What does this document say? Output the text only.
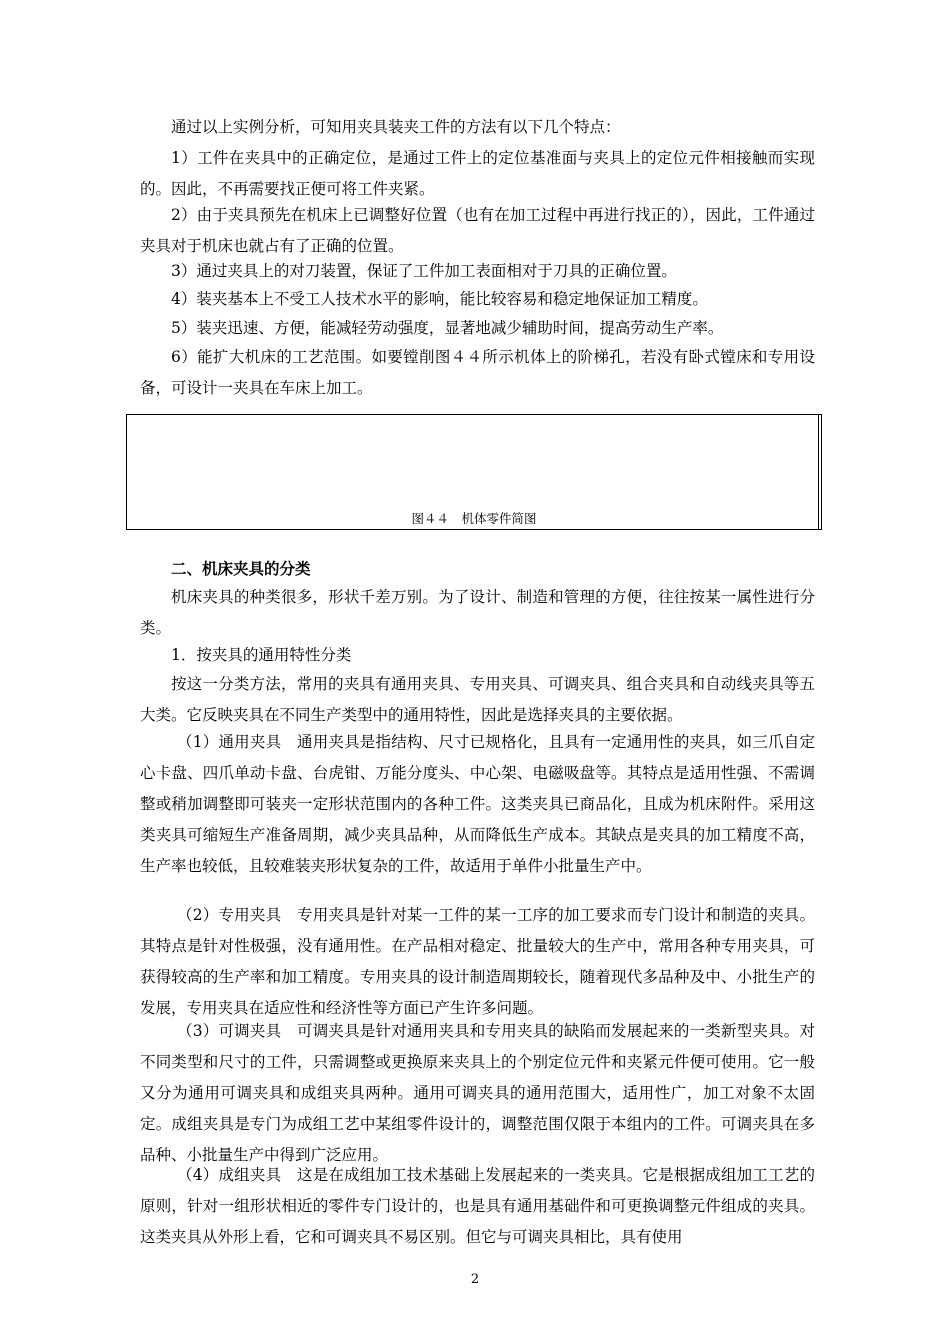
通过以上实例分析，可知用夹具装夹工件的方法有以下几个特点：

1）工件在夹具中的正确定位，是通过工件上的定位基准面与夹具上的定位元件相接触而实现的。因此，不再需要找正便可将工件夹紧。

2）由于夹具预先在机床上已调整好位置（也有在加工过程中再进行找正的），因此，工件通过夹具对于机床也就占有了正确的位置。

3）通过夹具上的对刀装置，保证了工件加工表面相对于刀具的正确位置。

4）装夹基本上不受工人技术水平的影响，能比较容易和稳定地保证加工精度。

5）装夹迅速、方便，能减轻劳动强度，显著地减少辅助时间，提高劳动生产率。

6）能扩大机床的工艺范围。如要镗削图４４所示机体上的阶梯孔，若没有卧式镗床和专用设备，可设计一夹具在车床上加工。

图４４　机体零件简图

二、机床夹具的分类

机床夹具的种类很多，形状千差万别。为了设计、制造和管理的方便，往往按某一属性进行分类。

1．按夹具的通用特性分类

按这一分类方法，常用的夹具有通用夹具、专用夹具、可调夹具、组合夹具和自动线夹具等五大类。它反映夹具在不同生产类型中的通用特性，因此是选择夹具的主要依据。

（1）通用夹具　通用夹具是指结构、尺寸已规格化，且具有一定通用性的夹具，如三爪自定心卡盘、四爪单动卡盘、台虎钳、万能分度头、中心架、电磁吸盘等。其特点是适用性强、不需调整或稍加调整即可装夹一定形状范围内的各种工件。这类夹具已商品化，且成为机床附件。采用这类夹具可缩短生产准备周期，减少夹具品种，从而降低生产成本。其缺点是夹具的加工精度不高，生产率也较低，且较难装夹形状复杂的工件，故适用于单件小批量生产中。

（2）专用夹具　专用夹具是针对某一工件的某一工序的加工要求而专门设计和制造的夹具。其特点是针对性极强，没有通用性。在产品相对稳定、批量较大的生产中，常用各种专用夹具，可获得较高的生产率和加工精度。专用夹具的设计制造周期较长，随着现代多品种及中、小批生产的发展，专用夹具在适应性和经济性等方面已产生许多问题。

（3）可调夹具　可调夹具是针对通用夹具和专用夹具的缺陷而发展起来的一类新型夹具。对不同类型和尺寸的工件，只需调整或更换原来夹具上的个别定位元件和夹紧元件便可使用。它一般又分为通用可调夹具和成组夹具两种。通用可调夹具的通用范围大，适用性广，加工对象不太固定。成组夹具是专门为成组工艺中某组零件设计的，调整范围仅限于本组内的工件。可调夹具在多品种、小批量生产中得到广泛应用。

（4）成组夹具　这是在成组加工技术基础上发展起来的一类夹具。它是根据成组加工工艺的原则，针对一组形状相近的零件专门设计的，也是具有通用基础件和可更换调整元件组成的夹具。这类夹具从外形上看，它和可调夹具不易区别。但它与可调夹具相比，具有使用

2
